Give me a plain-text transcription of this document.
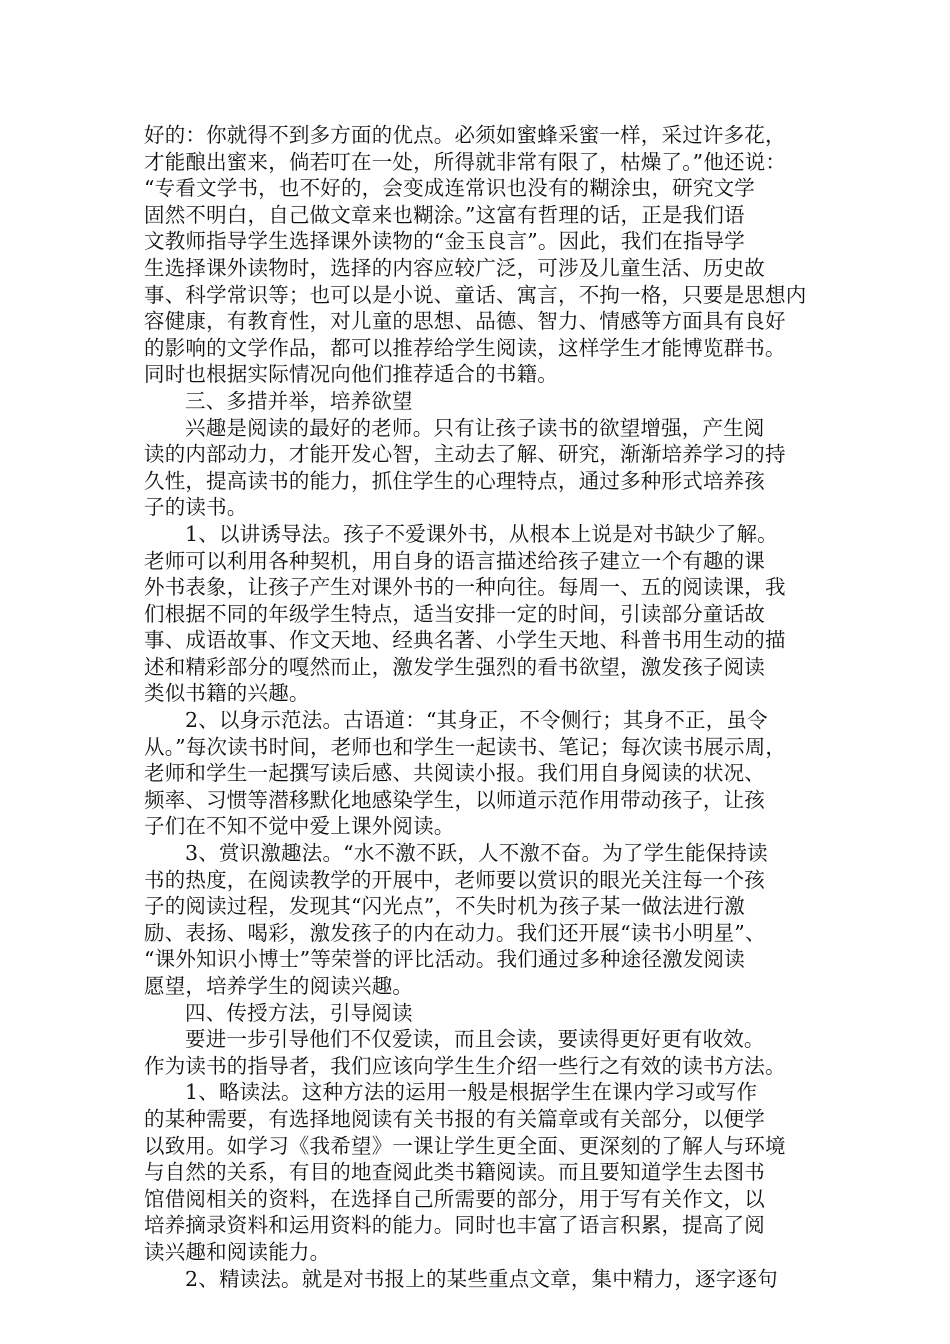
好的：你就得不到多方面的优点。必须如蜜蜂采蜜一样，采过许多花，
才能酿出蜜来，倘若叮在一处，所得就非常有限了，枯燥了。”他还说：
“专看文学书，也不好的，会变成连常识也没有的糊涂虫，研究文学
固然不明白，自己做文章来也糊涂。”这富有哲理的话，正是我们语
文教师指导学生选择课外读物的“金玉良言”。因此，我们在指导学
生选择课外读物时，选择的内容应较广泛，可涉及儿童生活、历史故
事、科学常识等；也可以是小说、童话、寓言，不拘一格，只要是思想内
容健康，有教育性，对儿童的思想、品德、智力、情感等方面具有良好
的影响的文学作品，都可以推荐给学生阅读，这样学生才能博览群书。
同时也根据实际情况向他们推荐适合的书籍。
三、多措并举，培养欲望
兴趣是阅读的最好的老师。只有让孩子读书的欲望增强，产生阅
读的内部动力，才能开发心智，主动去了解、研究，渐渐培养学习的持
久性，提高读书的能力，抓住学生的心理特点，通过多种形式培养孩
子的读书。
1、以讲诱导法。孩子不爱课外书，从根本上说是对书缺少了解。
老师可以利用各种契机，用自身的语言描述给孩子建立一个有趣的课
外书表象，让孩子产生对课外书的一种向往。每周一、五的阅读课，我
们根据不同的年级学生特点，适当安排一定的时间，引读部分童话故
事、成语故事、作文天地、经典名著、小学生天地、科普书用生动的描
述和精彩部分的嘎然而止，激发学生强烈的看书欲望，激发孩子阅读
类似书籍的兴趣。
2、以身示范法。古语道：“其身正，不令侧行；其身不正，虽令
从。”每次读书时间，老师也和学生一起读书、笔记；每次读书展示周，
老师和学生一起撰写读后感、共阅读小报。我们用自身阅读的状况、
频率、习惯等潜移默化地感染学生，以师道示范作用带动孩子，让孩
子们在不知不觉中爱上课外阅读。
3、赏识激趣法。“水不激不跃，人不激不奋。为了学生能保持读
书的热度，在阅读教学的开展中，老师要以赏识的眼光关注每一个孩
子的阅读过程，发现其“闪光点”，不失时机为孩子某一做法进行激
励、表扬、喝彩，激发孩子的内在动力。我们还开展“读书小明星”、
“课外知识小博士”等荣誉的评比活动。我们通过多种途径激发阅读
愿望，培养学生的阅读兴趣。
四、传授方法，引导阅读
要进一步引导他们不仅爱读，而且会读，要读得更好更有收效。
作为读书的指导者，我们应该向学生生介绍一些行之有效的读书方法。
1、略读法。这种方法的运用一般是根据学生在课内学习或写作
的某种需要，有选择地阅读有关书报的有关篇章或有关部分，以便学
以致用。如学习《我希望》一课让学生更全面、更深刻的了解人与环境
与自然的关系，有目的地查阅此类书籍阅读。而且要知道学生去图书
馆借阅相关的资料，在选择自己所需要的部分，用于写有关作文，以
培养摘录资料和运用资料的能力。同时也丰富了语言积累，提高了阅
读兴趣和阅读能力。
2、精读法。就是对书报上的某些重点文章，集中精力，逐字逐句
